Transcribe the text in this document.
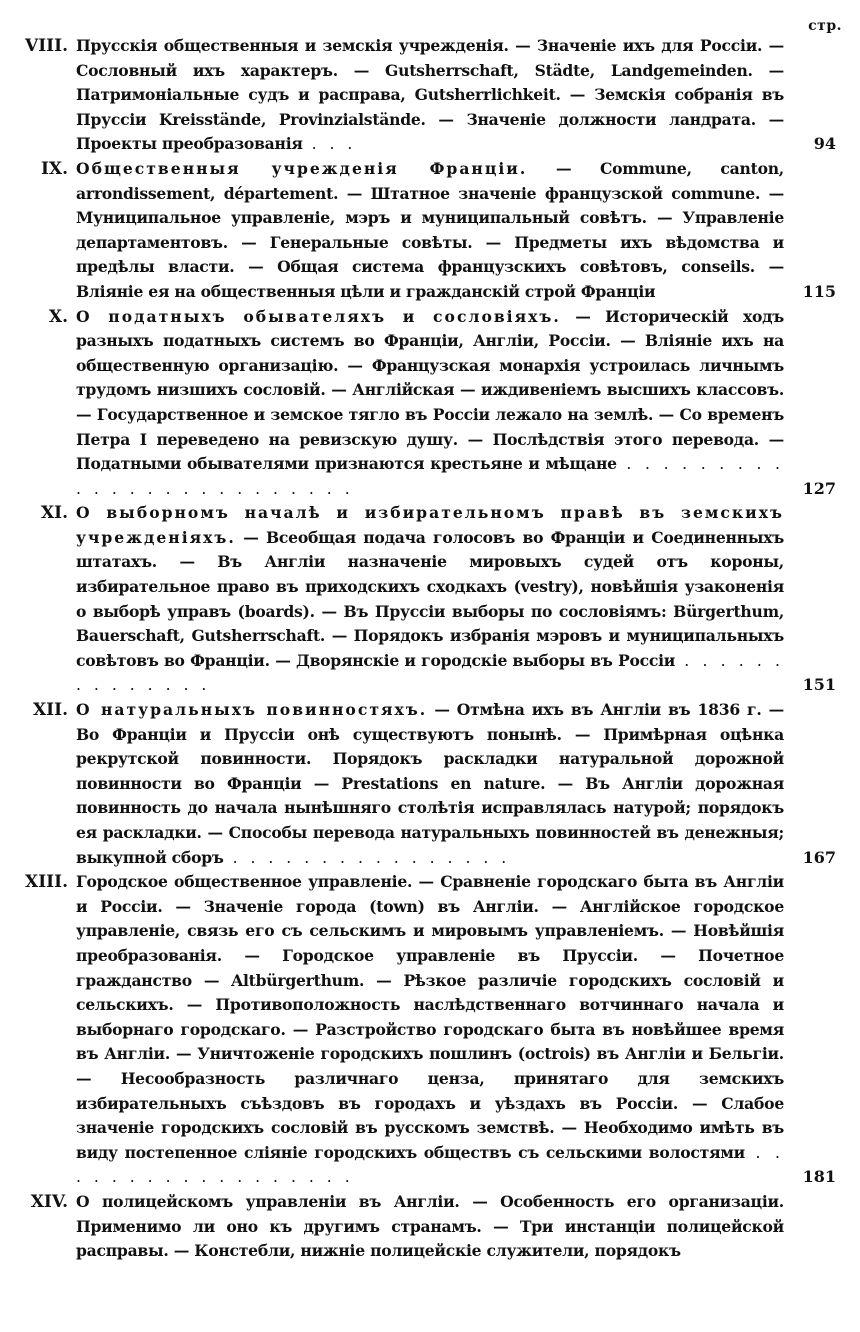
стр.
VIII. Прусскія общественныя и земскія учрежденія. — Значеніе ихъ для Россіи. — Сословный ихъ характеръ. — Gutsherrschaft, Städte, Landgemeinden. — Патримоніальные судъ и расправа, Gutsherrlichkeit. — Земскія собранія въ Пруссіи Kreisstände, Provinzialstände. — Значеніе должности ландрата. — Проекты преобразованія . . .	94
IX. Общественныя учрежденія Франціи. — Commune, canton, arrondissement, département. — Штатное значеніе французской commune. — Муниципальное управленіе, мэръ и муниципальный совѣтъ. — Управленіе департаментовъ. — Генеральные совѣты. — Предметы ихъ вѣдомства и предѣлы власти. — Общая система французскихъ совѣтовъ, conseils. — Вліяніе ея на общественныя цѣли и гражданскій строй Франціи	115
X. О податныхъ обывателяхъ и сословіяхъ. — Историческій ходъ разныхъ податныхъ системъ во Франціи, Англіи, Россіи. — Вліяніе ихъ на общественную организацію. — Французская монархія устроилась личнымъ трудомъ низшихъ сословій. — Англійская — иждивеніемъ высшихъ классовъ. — Государственное и земское тягло въ Россіи лежало на землѣ. — Со временъ Петра I переведено на ревизскую душу. — Послѣдствія этого перевода. — Податными обывателями признаются крестьяне и мѣщане . . . . . . . . . . . . . . . . . . . . . . . . .	127
XI. О выборномъ началѣ и избирательномъ правѣ въ земскихъ учрежденіяхъ. — Всеобщая подача голосовъ во Франціи и Соединенныхъ штатахъ. — Въ Англіи назначеніе мировыхъ судей отъ короны, избирательное право въ приходскихъ сходкахъ (vestry), новѣйшія узаконенія о выборѣ управъ (boards). — Въ Пруссіи выборы по сословіямъ: Bürgerthum, Bauerschaft, Gutsherrschaft. — Порядокъ избранія мэровъ и муниципальныхъ совѣтовъ во Франціи. — Дворянскіе и городскіе выборы въ Россіи . . . . . . . . . . . . . .	151
XII. О натуральныхъ повинностяхъ. — Отмѣна ихъ въ Англіи въ 1836 г. — Во Франціи и Пруссіи онѣ существуютъ понынѣ. — Примѣрная оцѣнка рекрутской повинности. Порядокъ раскладки натуральной дорожной повинности во Франціи — Prestations en nature. — Въ Англіи дорожная повинность до начала нынѣшняго столѣтія исправлялась натурой; порядокъ ея раскладки. — Способы перевода натуральныхъ повинностей въ денежныя; выкупной сборъ . . . . . . . . . . . . . . . .	167
XIII. Городское общественное управленіе. — Сравненіе городскаго быта въ Англіи и Россіи. — Значеніе города (town) въ Англіи. — Англійское городское управленіе, связь его съ сельскимъ и мировымъ управленіемъ. — Новѣйшія преобразованія. — Городское управленіе въ Пруссіи. — Почетное гражданство — Altbürgerthum. — Рѣзкое различіе городскихъ сословій и сельскихъ. — Противоположность наслѣдственнаго вотчиннаго начала и выборнаго городскаго. — Разстройство городскаго быта въ новѣйшее время въ Англіи. — Уничтоженіе городскихъ пошлинъ (octrois) въ Англіи и Бельгіи. — Несообразность различнаго ценза, принятаго для земскихъ избирательныхъ съѣздовъ въ городахъ и уѣздахъ въ Россіи. — Слабое значеніе городскихъ сословій въ русскомъ земствѣ. — Необходимо имѣть въ виду постепенное сліяніе городскихъ обществъ съ сельскими волостями . . . . . . . . . . . . . . . . . .	181
XIV. О полицейскомъ управленіи въ Англіи. — Особенность его организаціи. Применимо ли оно къ другимъ странамъ. — Три инстанціи полицейской расправы. — Констебли, нижніе полицейскіе служители, порядокъ
